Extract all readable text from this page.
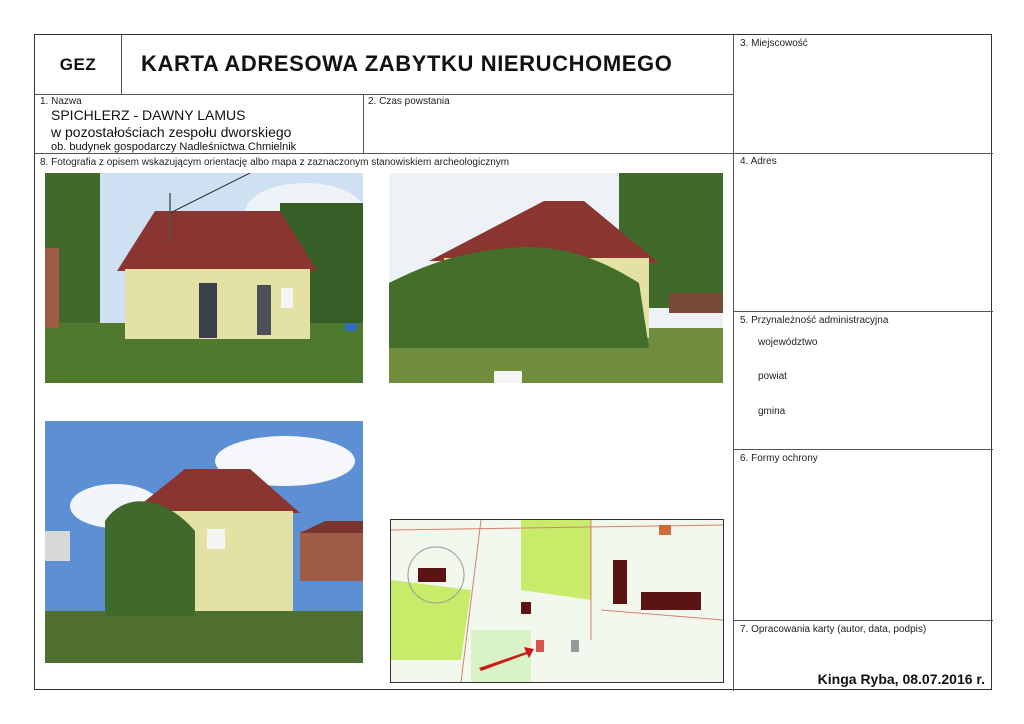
GEZ	KARTA ADRESOWA ZABYTKU NIERUCHOMEGO
1. Nazwa	2. Czas powstania
3. Miejscowość
4. Adres
5. Przynależność administracyjna
6. Formy ochrony
7. Opracowania karty (autor, data, podpis)
8. Fotografia z opisem wskazującym orientację albo mapa z zaznaczonym stanowiskiem archeologicznym
SPICHLERZ - DAWNY LAMUS
w pozostałościach zespołu dworskiego
ob. budynek gospodarczy Nadleśnictwa Chmielnik
województwo
powiat
gmina
Kinga Ryba, 08.07.2016 r.
